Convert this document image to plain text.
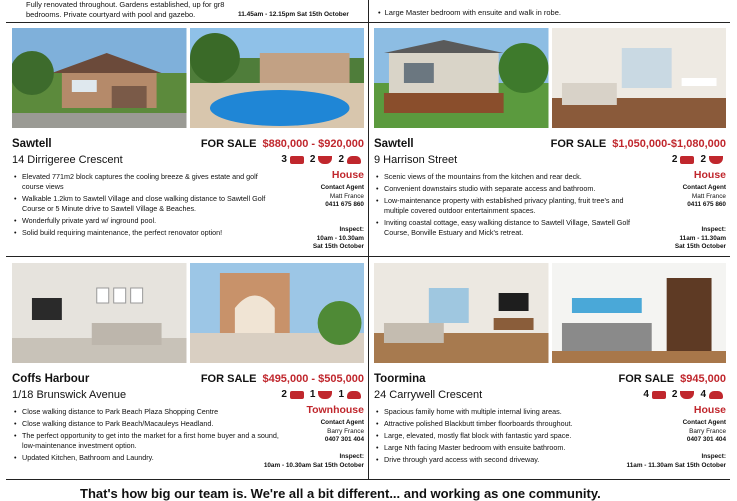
Fully renovated throughout. Gardens established, up for gr8 bedrooms. Private courtyard with pool and gazebo.	11.45am - 12.15pm Sat 15th October
•	Large Master bedroom with ensuite and walk in robe.
Sawtell	FOR SALE $880,000 - $920,000
14 Dirrigeree Crescent	3 2 2
House
• Elevated 771m2 block captures the cooling breeze & gives estate and golf course views
• Walkable 1.2km to Sawtell Village and close walking distance to Sawtell Golf Course or 5 Minute drive to Sawtell Village & Beaches.
• Wonderfully private yard w/ inground pool.
• Solid build requiring maintenance, the perfect renovator option!
Contact Agent
Matt France

0411 675 860
Inspect:
10am - 10.30am
Sat 15th October
Sawtell	FOR SALE $1,050,000-$1,080,000
9 Harrison Street	2 2
House
• Scenic views of the mountains from the kitchen and rear deck.
• Convenient downstairs studio with separate access and bathroom.
• Low-maintenance property with established privacy planting, fruit tree's and multiple covered outdoor entertainment spaces.
• Inviting coastal cottage, easy walking distance to Sawtell Village, Sawtell Golf Course, Bonville Estuary and Mick's retreat.
Contact Agent
Matt France

0411 675 860
Inspect:
11am - 11.30am
Sat 15th October
Coffs Harbour	FOR SALE $495,000 - $505,000
1/18 Brunswick Avenue	2 1 1
Townhouse
• Close walking distance to Park Beach Plaza Shopping Centre
• Close walking distance to Park Beach/Macauleys Headland.
• The perfect opportunity to get into the market for a first home buyer and a sound, low-maintenance investment option.
• Updated Kitchen, Bathroom and Laundry.
Contact Agent
Barry France

0407 301 404
Inspect:
10am - 10.30am Sat 15th October
Toormina	FOR SALE $945,000
24 Carrywell Crescent	4 2 4
House
• Spacious family home with multiple internal living areas.
• Attractive polished Blackbutt timber floorboards throughout.
• Large, elevated, mostly flat block with fantastic yard space.
• Large Nth facing Master bedroom with ensuite bathroom.
• Drive through yard access with second driveway.
Contact Agent
Barry France

0407 301 404
Inspect:
11am - 11.30am Sat 15th October
That's how big our team is. We're all a bit different... and working as one community.
